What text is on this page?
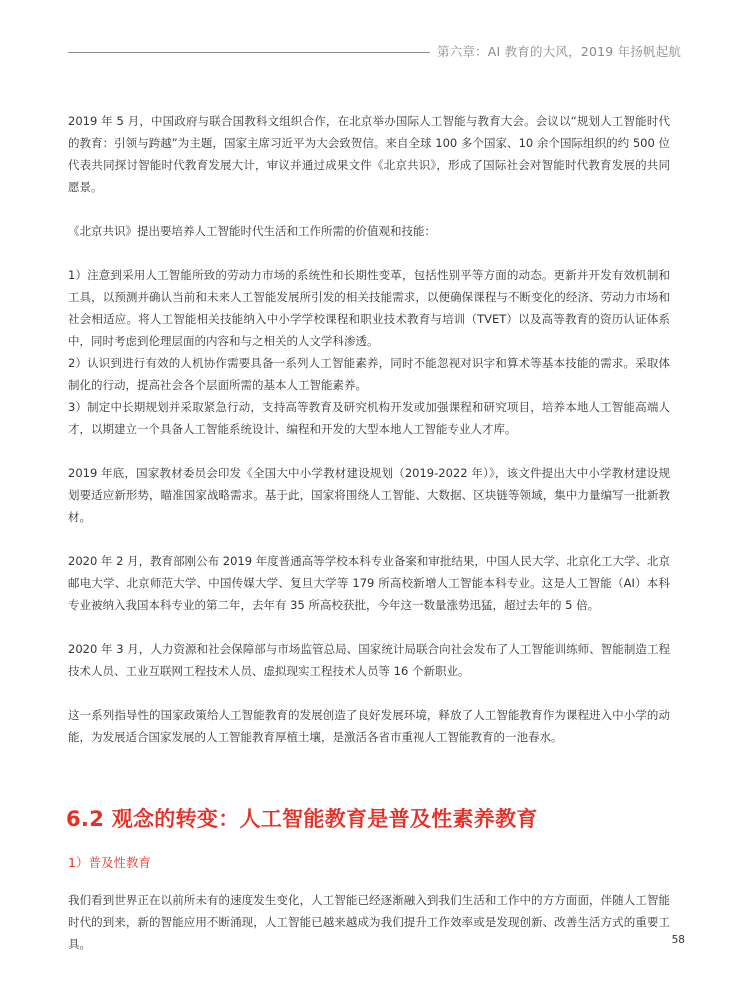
第六章：AI 教育的大风，2019 年扬帆起航

2019 年 5 月，中国政府与联合国教科文组织合作，在北京举办国际人工智能与教育大会。会议以“规划人工智能时代的教育：引领与跨越”为主题，国家主席习近平为大会致贺信。来自全球 100 多个国家、10 余个国际组织的约 500 位代表共同探讨智能时代教育发展大计，审议并通过成果文件《北京共识》，形成了国际社会对智能时代教育发展的共同愿景。

《北京共识》提出要培养人工智能时代生活和工作所需的价值观和技能：

1）注意到采用人工智能所致的劳动力市场的系统性和长期性变革，包括性别平等方面的动态。更新并开发有效机制和工具，以预测并确认当前和未来人工智能发展所引发的相关技能需求，以便确保课程与不断变化的经济、劳动力市场和社会相适应。将人工智能相关技能纳入中小学学校课程和职业技术教育与培训（TVET）以及高等教育的资历认证体系中，同时考虑到伦理层面的内容和与之相关的人文学科渗透。

2）认识到进行有效的人机协作需要具备一系列人工智能素养，同时不能忽视对识字和算术等基本技能的需求。采取体制化的行动，提高社会各个层面所需的基本人工智能素养。

3）制定中长期规划并采取紧急行动，支持高等教育及研究机构开发或加强课程和研究项目，培养本地人工智能高端人才，以期建立一个具备人工智能系统设计、编程和开发的大型本地人工智能专业人才库。

2019 年底，国家教材委员会印发《全国大中小学教材建设规划（2019-2022 年）》，该文件提出大中小学教材建设规划要适应新形势，瞄准国家战略需求。基于此，国家将围绕人工智能、大数据、区块链等领域，集中力量编写一批新教材。

2020 年 2 月，教育部刚公布 2019 年度普通高等学校本科专业备案和审批结果，中国人民大学、北京化工大学、北京邮电大学、北京师范大学、中国传媒大学、复旦大学等 179 所高校新增人工智能本科专业。这是人工智能（AI）本科专业被纳入我国本科专业的第二年，去年有 35 所高校获批，今年这一数量涨势迅猛，超过去年的 5 倍。

2020 年 3 月，人力资源和社会保障部与市场监管总局、国家统计局联合向社会发布了人工智能训练师、智能制造工程技术人员、工业互联网工程技术人员、虚拟现实工程技术人员等 16 个新职业。

这一系列指导性的国家政策给人工智能教育的发展创造了良好发展环境，释放了人工智能教育作为课程进入中小学的动能，为发展适合国家发展的人工智能教育厚植土壤，是激活各省市重视人工智能教育的一池春水。

6.2 观念的转变：人工智能教育是普及性素养教育
1）普及性教育

我们看到世界正在以前所未有的速度发生变化，人工智能已经逐渐融入到我们生活和工作中的方方面面，伴随人工智能时代的到来，新的智能应用不断涌现，人工智能已越来越成为我们提升工作效率或是发现创新、改善生活方式的重要工具。	58
